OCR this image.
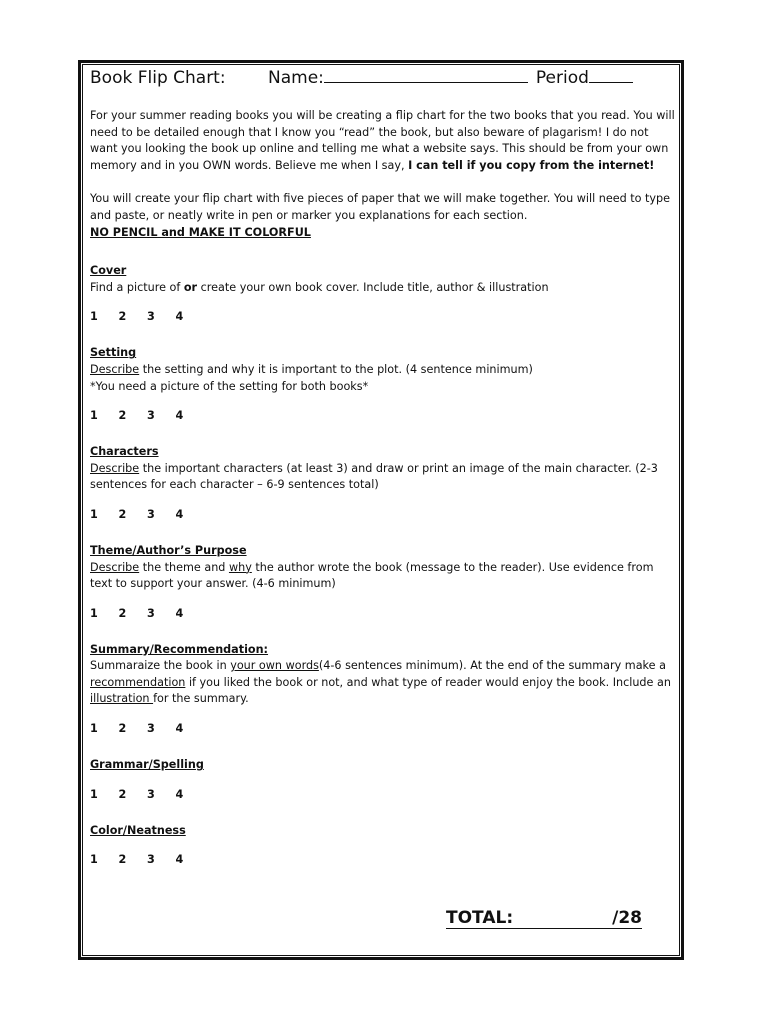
Book Flip Chart:	Name:	Period

For your summer reading books you will be creating a flip chart for the two books that you read. You will need to be detailed enough that I know you “read” the book, but also beware of plagarism! I do not want you looking the book up online and telling me what a website says. This should be from your own memory and in you OWN words. Believe me when I say, I can tell if you copy from the internet!

You will create your flip chart with five pieces of paper that we will make together. You will need to type and paste, or neatly write in pen or marker you explanations for each section.
NO PENCIL and MAKE IT COLORFUL

Cover

Find a picture of or create your own book cover. Include title, author & illustration

1	2	3	4
Setting

Describe the setting and why it is important to the plot. (4 sentence minimum)
*You need a picture of the setting for both books*

1	2	3	4
Characters

Describe the important characters (at least 3) and draw or print an image of the main character. (2-3 sentences for each character – 6-9 sentences total)

1	2	3	4
Theme/Author’s Purpose

Describe the theme and why the author wrote the book (message to the reader). Use evidence from text to support your answer. (4-6 minimum)

1	2	3	4
Summary/Recommendation:

Summaraize the book in your own words(4-6 sentences minimum). At the end of the summary make a recommendation if you liked the book or not, and what type of reader would enjoy the book. Include an illustration for the summary.

1	2	3	4
Grammar/Spelling
1	2	3	4
Color/Neatness
1	2	3	4
TOTAL:	/28
